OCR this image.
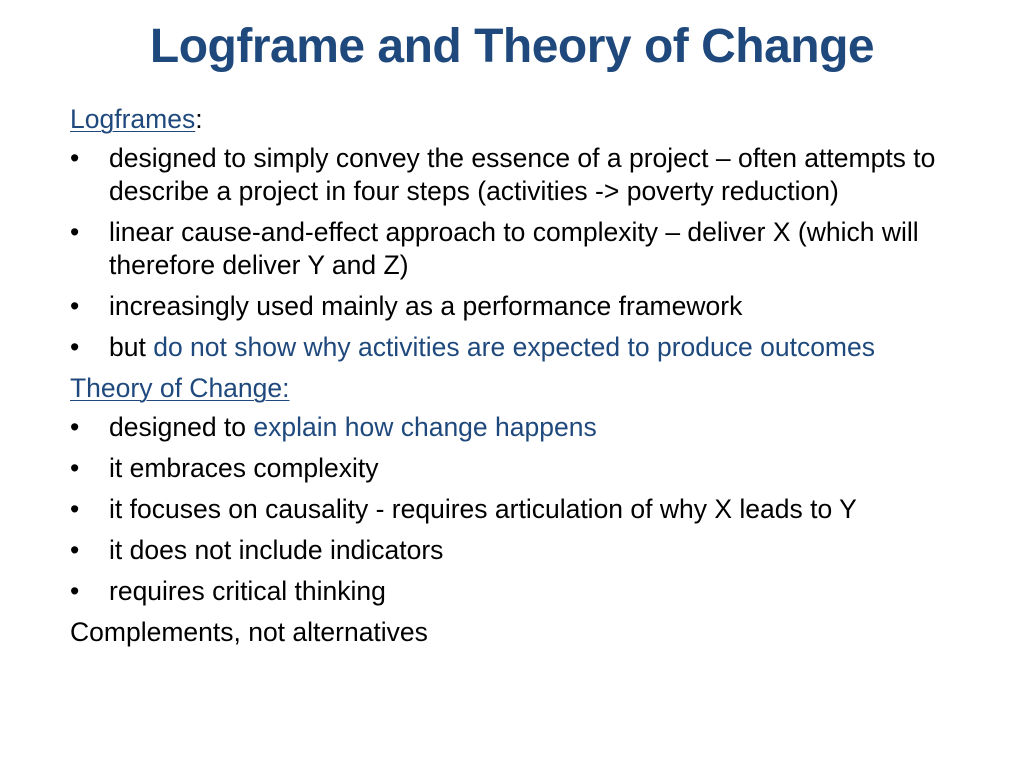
Logframe and Theory of Change
Logframes:
•	designed to simply convey the essence of a project – often attempts to describe a project in four steps (activities -> poverty reduction)
•	linear cause-and-effect approach to complexity – deliver X (which will therefore deliver Y and Z)
•	increasingly used mainly as a performance framework
•	but do not show why activities are expected to produce outcomes
Theory of Change:
•	designed to explain how change happens
•	it embraces complexity
•	it focuses on causality - requires articulation of why X leads to Y
•	it does not include indicators
•	requires critical thinking
Complements, not alternatives
